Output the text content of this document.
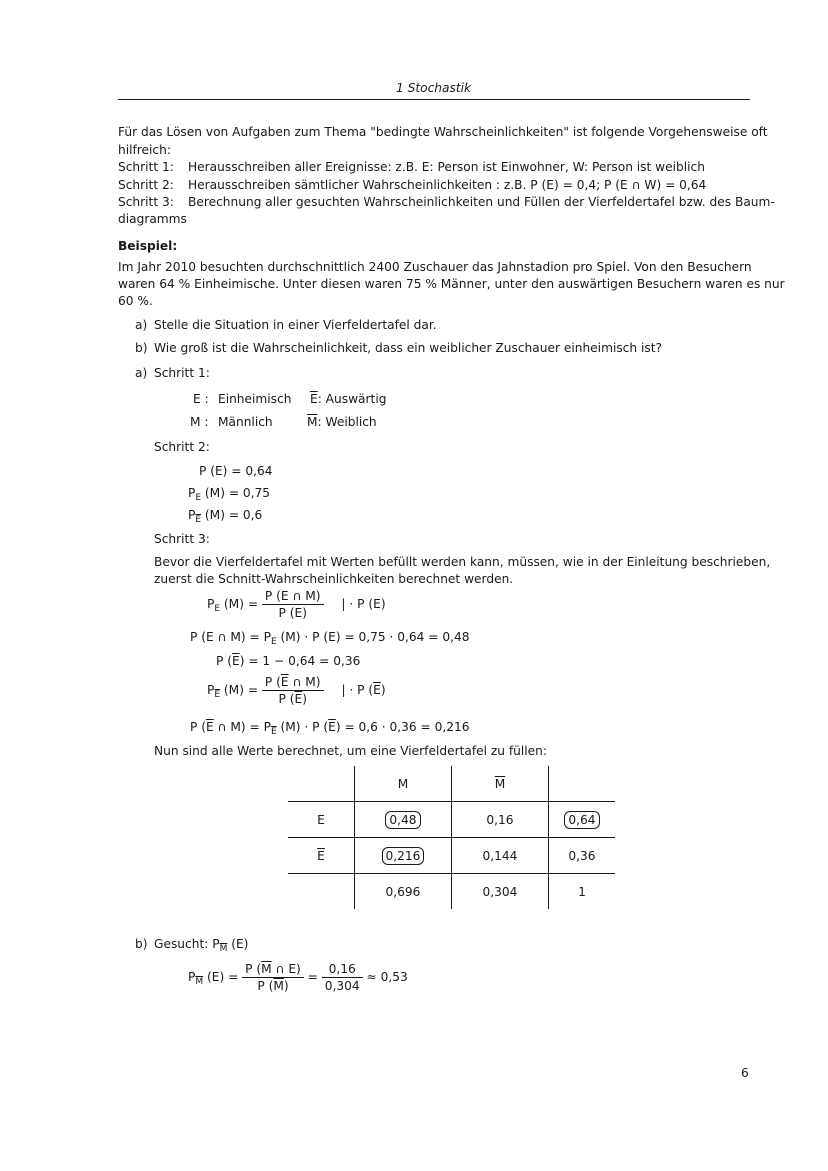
1 Stochastik
Für das Lösen von Aufgaben zum Thema "bedingte Wahrscheinlichkeiten" ist folgende Vorgehensweise oft
hilfreich:
Schritt 1: Herausschreiben aller Ereignisse: z.B. E: Person ist Einwohner, W: Person ist weiblich
Schritt 2: Herausschreiben sämtlicher Wahrscheinlichkeiten : z.B. P (E) = 0,4; P (E ∩ W) = 0,64
Schritt 3: Berechnung aller gesuchten Wahrscheinlichkeiten und Füllen der Vierfeldertafel bzw. des Baum-
diagramms
Beispiel:
Im Jahr 2010 besuchten durchschnittlich 2400 Zuschauer das Jahnstadion pro Spiel. Von den Besuchern
waren 64 % Einheimische. Unter diesen waren 75 % Männer, unter den auswärtigen Besuchern waren es nur
60 %.
a) Stelle die Situation in einer Vierfeldertafel dar.
b) Wie groß ist die Wahrscheinlichkeit, dass ein weiblicher Zuschauer einheimisch ist?
a) Schritt 1:
E : Einheimisch $\overline{E}$: Auswärtig
M : Männlich	$\overline{M}$: Weiblich
Schritt 2:
P (E) = 0,64
$P_E$ (M) = 0,75
$P_{\overline{E}}$ (M) = 0,6
Schritt 3:
Bevor die Vierfeldertafel mit Werten befüllt werden kann, müssen, wie in der Einleitung beschrieben,
zuerst die Schnitt-Wahrscheinlichkeiten berechnet werden.
$P_E$ $(M) = \frac{P (E \cap M)}{P (E)}$ | · P (E)
P (E ∩ $M) = P_E$ (M) · P (E) = 0,75 · 0,64 = 0,48
P $(\overline{E}) = 1 - 0,64 = 0,36$
$P_{\overline{E}}$ $(M) = \frac{P (\overline{E} \cap M)}{P (\overline{E})}$ | · P $(\overline{E})$
P ($\overline{E}$ ∩ $M) = P_{\overline{E}}$ (M) · P $(\overline{E}) = 0,6 \cdot 0,36 = 0,216$
Nun sind alle Werte berechnet, um eine Vierfeldertafel zu füllen:
	M	$\overline{M}$	
E	0,48	0,16	0,64
$\overline{E}$	0,216	0,144	0,36
	0,696	0,304	1
b) Gesucht: $P_{\overline{M}}$ (E)
$P_{\overline{M}}$ $(E) = \frac{P (\overline{M} \cap E)}{P (\overline{M})} = \frac{0,16}{0,304} \approx 0,53$
6
